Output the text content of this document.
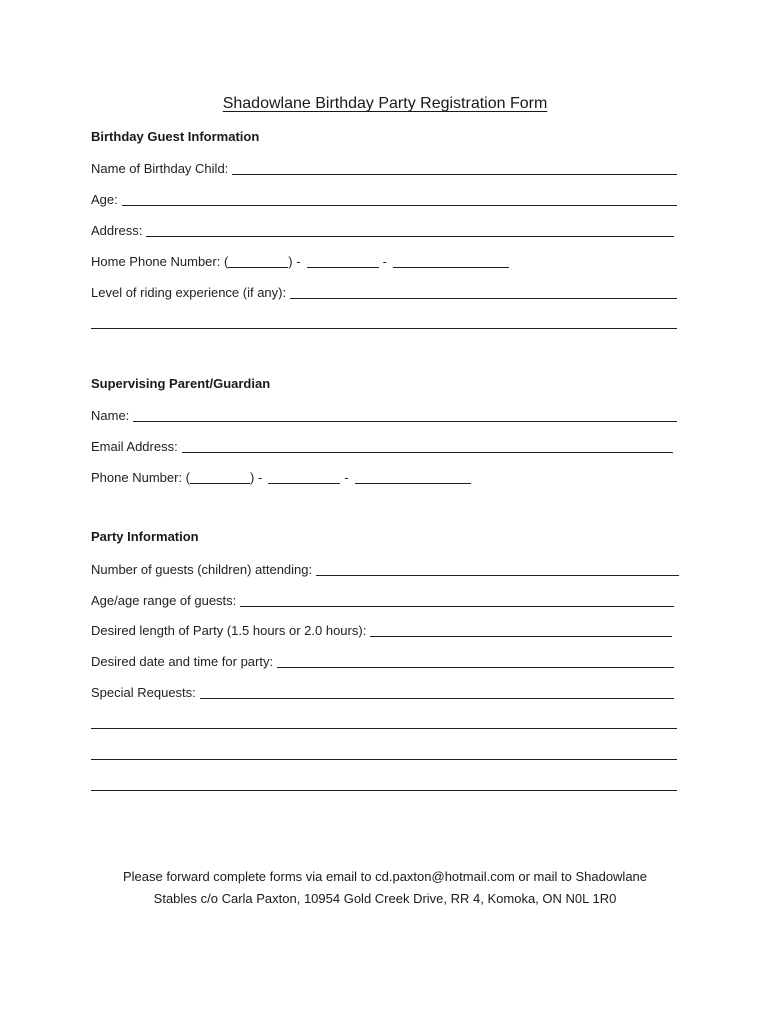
Shadowlane Birthday Party Registration Form
Birthday Guest Information
Name of Birthday Child:
Age:
Address:
Home Phone Number: (	) -	-
Level of riding experience (if any):
Supervising Parent/Guardian
Name:
Email Address:
Phone Number: (	) -	-
Party Information
Number of guests (children) attending:
Age/age range of guests:
Desired length of Party (1.5 hours or 2.0 hours):
Desired date and time for party:
Special Requests:
Please forward complete forms via email to cd.paxton@hotmail.com or mail to Shadowlane
Stables c/o Carla Paxton, 10954 Gold Creek Drive, RR 4, Komoka, ON N0L 1R0
